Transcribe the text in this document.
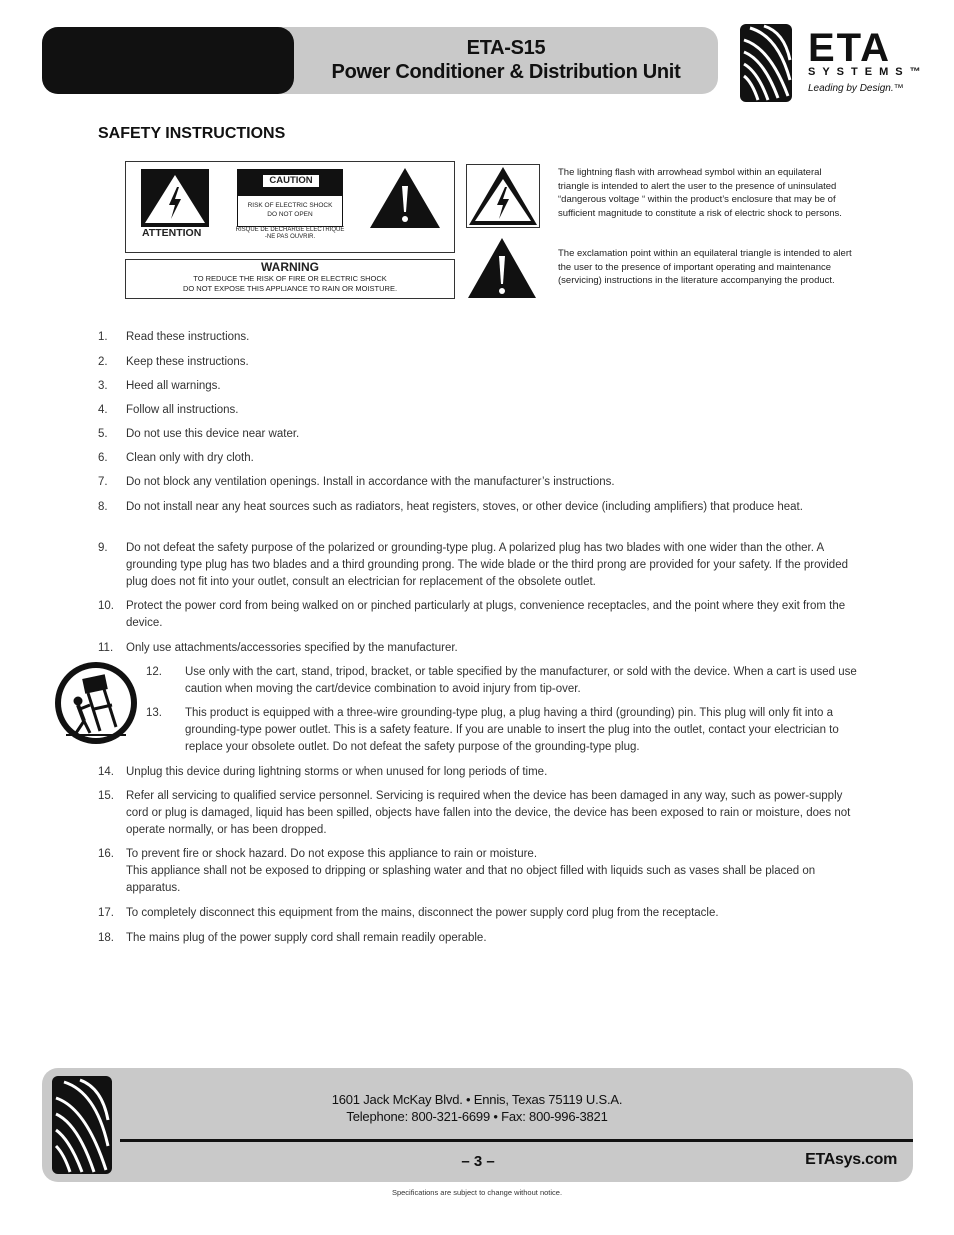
ETA-S15
Power Conditioner & Distribution Unit
ETA
SYSTEMS™
Leading by Design.™
SAFETY INSTRUCTIONS
ATTENTION
CAUTION
RISK OF ELECTRIC SHOCK
DO NOT OPEN
RISQUE DE DECHARGE ELECTRIQUE
-NE PAS OUVRIR.
WARNING
TO REDUCE THE RISK OF FIRE OR ELECTRIC SHOCK
DO NOT EXPOSE THIS APPLIANCE TO RAIN OR MOISTURE.
The lightning flash with arrowhead symbol within an equilateral triangle is intended to alert the user to the presence of uninsulated “dangerous voltage “ within the product’s enclosure that may be of sufficient magnitude to constitute a risk of electric shock to persons.
The exclamation point within an equilateral triangle is intended to alert the user to the presence of important operating and maintenance (servicing) instructions in the literature accompanying the product.
1. Read these instructions.
2. Keep these instructions.
3. Heed all warnings.
4. Follow all instructions.
5. Do not use this device near water.
6. Clean only with dry cloth.
7. Do not block any ventilation openings. Install in accordance with the manufacturer’s instructions.
8. Do not install near any heat sources such as radiators, heat registers, stoves, or other device (including amplifiers) that produce heat.
9. Do not defeat the safety purpose of the polarized or grounding-type plug. A polarized plug has two blades with one wider than the other. A grounding type plug has two blades and a third grounding prong. The wide blade or the third prong are provided for your safety. If the provided plug does not fit into your outlet, consult an electrician for replacement of the obsolete outlet.
10. Protect the power cord from being walked on or pinched particularly at plugs, convenience receptacles, and the point where they exit from the device.
11. Only use attachments/accessories specified by the manufacturer.
12. Use only with the cart, stand, tripod, bracket, or table specified by the manufacturer, or sold with the device. When a cart is used use caution when moving the cart/device combination to avoid injury from tip-over.
13. This product is equipped with a three-wire grounding-type plug, a plug having a third (grounding) pin. This plug will only fit into a grounding-type power outlet. This is a safety feature. If you are unable to insert the plug into the outlet, contact your electrician to replace your obsolete outlet. Do not defeat the safety purpose of the grounding-type plug.
14. Unplug this device during lightning storms or when unused for long periods of time.
15. Refer all servicing to qualified service personnel. Servicing is required when the device has been damaged in any way, such as power-supply cord or plug is damaged, liquid has been spilled, objects have fallen into the device, the device has been exposed to rain or moisture, does not operate normally, or has been dropped.
16. To prevent fire or shock hazard. Do not expose this appliance to rain or moisture.
This appliance shall not be exposed to dripping or splashing water and that no object filled with liquids such as vases shall be placed on apparatus.
17. To completely disconnect this equipment from the mains, disconnect the power supply cord plug from the receptacle.
18. The mains plug of the power supply cord shall remain readily operable.
1601 Jack McKay Blvd. • Ennis, Texas 75119 U.S.A.
Telephone: 800-321-6699 • Fax: 800-996-3821
– 3 –	ETAsys.com
Specifications are subject to change without notice.
